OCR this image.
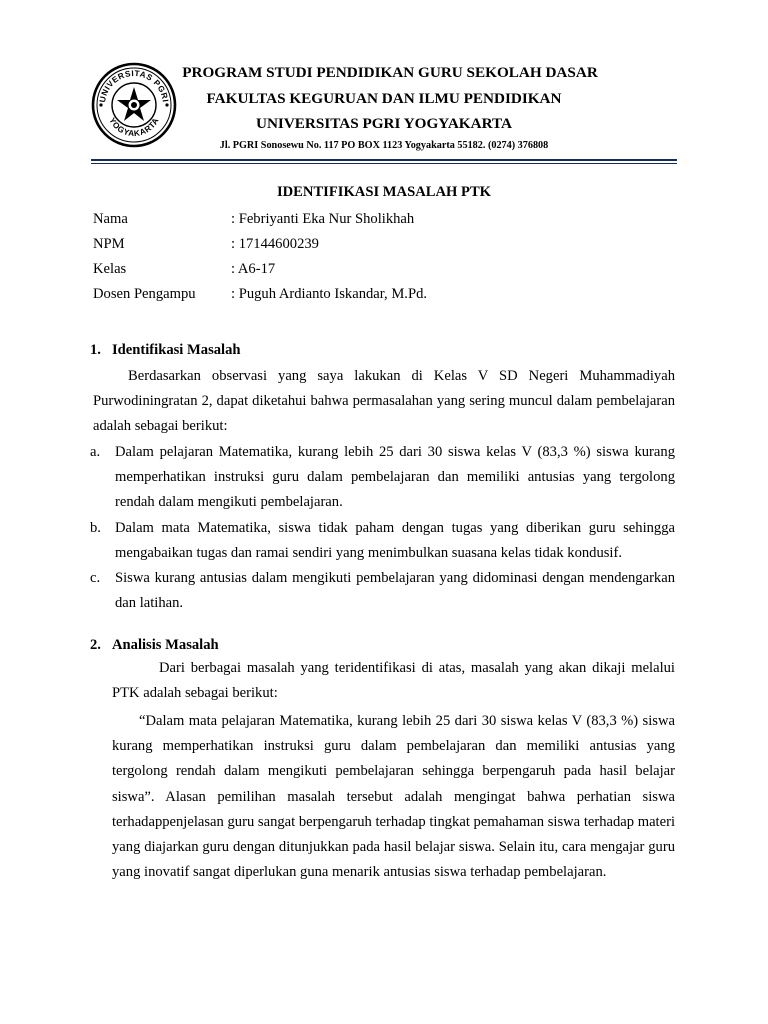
UNIVERSITAS PGRI
YOGYAKARTA
PROGRAM STUDI PENDIDIKAN GURU SEKOLAH DASAR
FAKULTAS KEGURUAN DAN ILMU PENDIDIKAN
UNIVERSITAS PGRI YOGYAKARTA
Jl. PGRI Sonosewu No. 117 PO BOX 1123 Yogyakarta 55182. (0274) 376808
IDENTIFIKASI MASALAH PTK
Nama	: Febriyanti Eka Nur Sholikhah
NPM	: 17144600239
Kelas	: A6-17
Dosen Pengampu : Puguh Ardianto Iskandar, M.Pd.
1. Identifikasi Masalah
Berdasarkan observasi yang saya lakukan di Kelas V SD Negeri Muhammadiyah Purwodiningratan 2, dapat diketahui bahwa permasalahan yang sering muncul dalam pembelajaran adalah sebagai berikut:
a. Dalam pelajaran Matematika, kurang lebih 25 dari 30 siswa kelas V (83,3 %) siswa kurang memperhatikan instruksi guru dalam pembelajaran dan memiliki antusias yang tergolong rendah dalam mengikuti pembelajaran.
b. Dalam mata Matematika, siswa tidak paham dengan tugas yang diberikan guru sehingga mengabaikan tugas dan ramai sendiri yang menimbulkan suasana kelas tidak kondusif.
c. Siswa kurang antusias dalam mengikuti pembelajaran yang didominasi dengan mendengarkan dan latihan.
2. Analisis Masalah
Dari berbagai masalah yang teridentifikasi di atas, masalah yang akan dikaji melalui PTK adalah sebagai berikut:
“Dalam mata pelajaran Matematika, kurang lebih 25 dari 30 siswa kelas V (83,3 %) siswa kurang memperhatikan instruksi guru dalam pembelajaran dan memiliki antusias yang tergolong rendah dalam mengikuti pembelajaran sehingga berpengaruh pada hasil belajar siswa”. Alasan pemilihan masalah tersebut adalah mengingat bahwa perhatian siswa terhadappenjelasan guru sangat berpengaruh terhadap tingkat pemahaman siswa terhadap materi yang diajarkan guru dengan ditunjukkan pada hasil belajar siswa. Selain itu, cara mengajar guru yang inovatif sangat diperlukan guna menarik antusias siswa terhadap pembelajaran.
